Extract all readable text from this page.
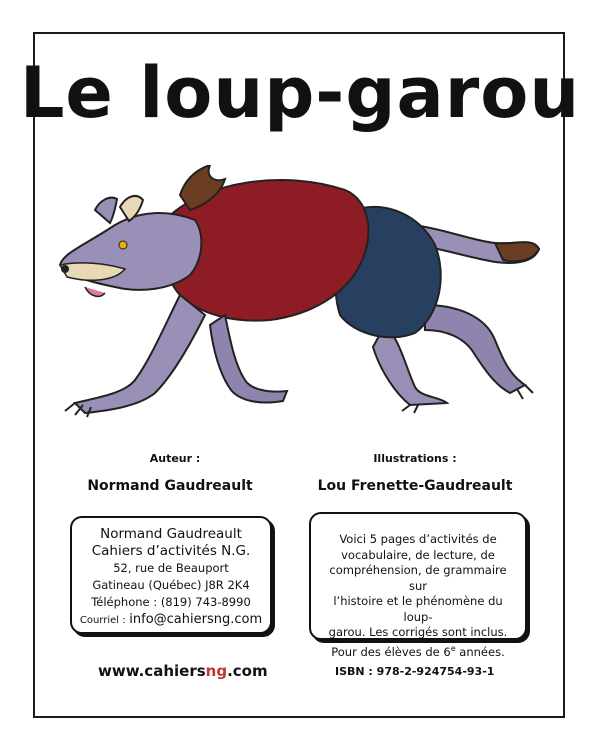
Le loup-garou
Auteur :
Normand Gaudreault
Illustrations :
Lou Frenette-Gaudreault
Normand Gaudreault
Cahiers d’activités N.G.
52, rue de Beauport
Gatineau (Québec) J8R 2K4
Téléphone : (819) 743-8990
Courriel : info@cahiersng.com
Voici 5 pages d’activités de
vocabulaire, de lecture, de
compréhension, de grammaire sur
l’histoire et le phénomène du loup-
garou. Les corrigés sont inclus.
Pour des élèves de 6e années.
www.cahiersng.com	ISBN : 978-2-924754-93-1
